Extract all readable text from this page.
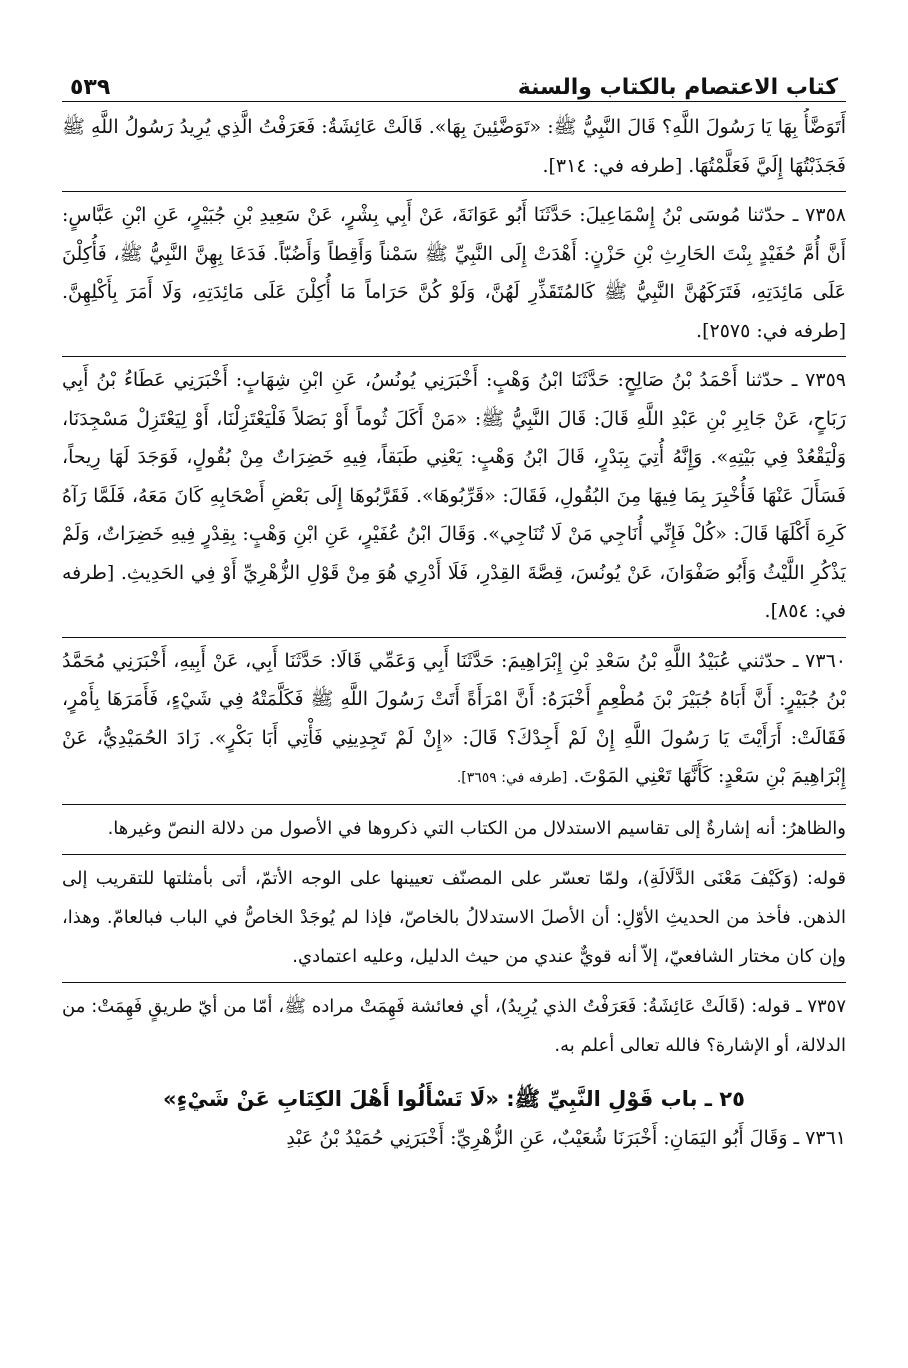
كتاب الاعتصام بالكتاب والسنة
٥٣٩
أَتَوَضَّأُ بِهَا يَا رَسُولَ اللَّهِ؟ قَالَ النَّبِيُّ ﷺ: «تَوَضَّئِينَ بِهَا». قَالَتْ عَائِشَةُ: فَعَرَفْتُ الَّذِي يُرِيدُ رَسُولُ اللَّهِ ﷺ فَجَذَبْتُهَا إِلَيَّ فَعَلَّمْتُهَا. [طرفه في: ٣١٤].
٧٣٥٨ ـ حدّثنا مُوسَى بْنُ إِسْمَاعِيلَ: حَدَّثَنَا أَبُو عَوَانَةَ، عَنْ أَبِي بِشْرٍ، عَنْ سَعِيدِ بْنِ جُبَيْرٍ، عَنِ ابْنِ عَبَّاسٍ: أَنَّ أُمَّ حُفَيْدٍ بِنْتَ الحَارِثِ بْنِ حَزْنٍ: أَهْدَتْ إِلَى النَّبِيِّ ﷺ سَمْناً وَأَقِطاً وَأَضُبّاً. فَدَعَا بِهِنَّ النَّبِيُّ ﷺ، فَأُكِلْنَ عَلَى مَائِدَتِهِ، فَتَرَكَهُنَّ النَّبِيُّ ﷺ كَالمُتَقَذِّرِ لَهُنَّ، وَلَوْ كُنَّ حَرَاماً مَا أُكِلْنَ عَلَى مَائِدَتِهِ، وَلَا أَمَرَ بِأَكْلِهِنَّ. [طرفه في: ٢٥٧٥].
٧٣٥٩ ـ حدّثنا أَحْمَدُ بْنُ صَالِحٍ: حَدَّثَنَا ابْنُ وَهْبٍ: أَخْبَرَنِي يُونُسُ، عَنِ ابْنِ شِهَابٍ: أَخْبَرَنِي عَطَاءُ بْنُ أَبِي رَبَاحٍ، عَنْ جَابِرِ بْنِ عَبْدِ اللَّهِ قَالَ: قَالَ النَّبِيُّ ﷺ: «مَنْ أَكَلَ ثُوماً أَوْ بَصَلاً فَلْيَعْتَزِلْنَا، أَوْ لِيَعْتَزِلْ مَسْجِدَنَا، وَلْيَقْعُدْ فِي بَيْتِهِ». وَإِنَّهُ أُتِيَ بِبَدْرٍ، قَالَ ابْنُ وَهْبٍ: يَعْنِي طَبَقاً، فِيهِ خَضِرَاتٌ مِنْ بُقُولٍ، فَوَجَدَ لَهَا رِيحاً، فَسَأَلَ عَنْهَا فَأُخْبِرَ بِمَا فِيهَا مِنَ البُقُولِ، فَقَالَ: «قَرِّبُوهَا». فَقَرَّبُوهَا إِلَى بَعْضِ أَصْحَابِهِ كَانَ مَعَهُ، فَلَمَّا رَآهُ كَرِهَ أَكْلَهَا قَالَ: «كُلْ فَإِنِّي أُنَاجِي مَنْ لَا تُنَاجِي». وَقَالَ ابْنُ عُفَيْرٍ، عَنِ ابْنِ وَهْبٍ: بِقِدْرٍ فِيهِ خَضِرَاتٌ، وَلَمْ يَذْكُرِ اللَّيْثُ وَأَبُو صَفْوَانَ، عَنْ يُونُسَ، قِصَّةَ القِدْرِ، فَلَا أَدْرِي هُوَ مِنْ قَوْلِ الزُّهْرِيِّ أَوْ فِي الحَدِيثِ. [طرفه في: ٨٥٤].
٧٣٦٠ ـ حدّثني عُبَيْدُ اللَّهِ بْنُ سَعْدِ بْنِ إِبْرَاهِيمَ: حَدَّثَنَا أَبِي وَعَمِّي قَالَا: حَدَّثَنَا أَبِي، عَنْ أَبِيهِ، أَخْبَرَنِي مُحَمَّدُ بْنُ جُبَيْرٍ: أَنَّ أَبَاهُ جُبَيْرَ بْنَ مُطْعِمٍ أَخْبَرَهُ: أَنَّ امْرَأَةً أَتَتْ رَسُولَ اللَّهِ ﷺ فَكَلَّمَتْهُ فِي شَيْءٍ، فَأَمَرَهَا بِأَمْرٍ، فَقَالَتْ: أَرَأَيْتَ يَا رَسُولَ اللَّهِ إِنْ لَمْ أَجِدْكَ؟ قَالَ: «إِنْ لَمْ تَجِدِينِي فَأْتِي أَبَا بَكْرٍ». زَادَ الحُمَيْدِيُّ، عَنْ إِبْرَاهِيمَ بْنِ سَعْدٍ: كَأَنَّهَا تَعْنِي المَوْتَ. [طرفه في: ٣٦٥٩].
والظاهرُ: أنه إشارةٌ إلى تقاسيم الاستدلال من الكتاب التي ذكروها في الأصول من دلالة النصّ وغيرها.
قوله: (وَكَيْفَ مَعْنَى الدَّلَالَةِ)، ولمّا تعسّر على المصنّف تعيينها على الوجه الأتمّ، أتى بأمثلتها للتقريب إلى الذهن. فأخذ من الحديثِ الأوّلِ: أن الأصلَ الاستدلالُ بالخاصّ، فإذا لم يُوجَدْ الخاصُّ في الباب فبالعامّ. وهذا، وإن كان مختار الشافعيّ، إلاّ أنه قويٌّ عندي من حيث الدليل، وعليه اعتمادي.
٧٣٥٧ ـ قوله: (قَالَتْ عَائِشَةُ: فَعَرَفْتُ الذي يُرِيدُ)، أي فعائشة فَهِمَتْ مراده ﷺ، أمّا من أيّ طريقٍ فَهِمَتْ: من الدلالة، أو الإشارة؟ فالله تعالى أعلم به.
٢٥ ـ باب قَوْلِ النَّبِيِّ ﷺ: «لَا تَسْأَلُوا أَهْلَ الكِتَابِ عَنْ شَيْءٍ»
٧٣٦١ ـ وَقَالَ أَبُو اليَمَانِ: أَخْبَرَنَا شُعَيْبٌ، عَنِ الزُّهْرِيِّ: أَخْبَرَنِي حُمَيْدُ بْنُ عَبْدِ
